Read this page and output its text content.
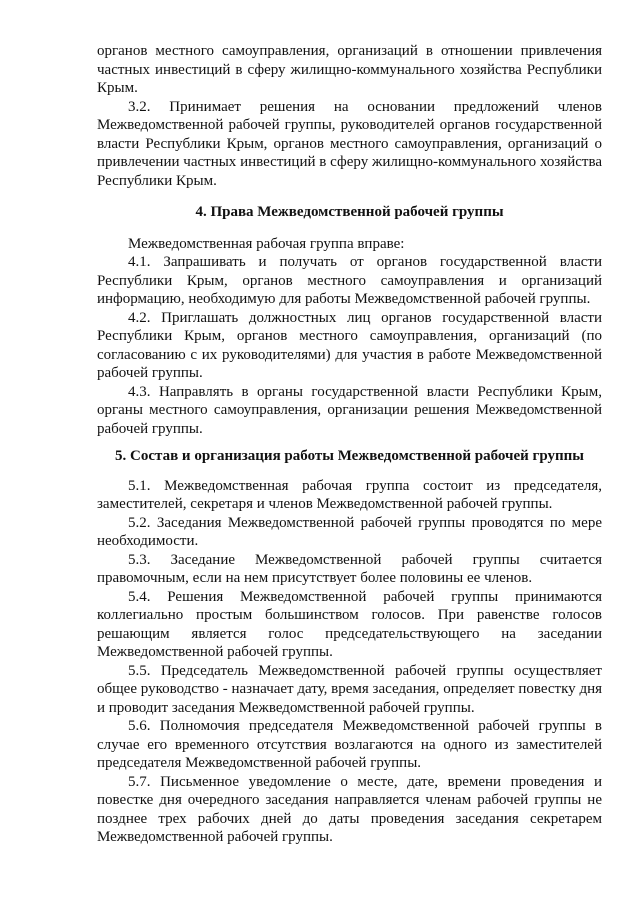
органов местного самоуправления, организаций в отношении привлечения частных инвестиций в сферу жилищно-коммунального хозяйства Республики Крым.

3.2. Принимает решения на основании предложений членов Межведомственной рабочей группы, руководителей органов государственной власти Республики Крым, органов местного самоуправления, организаций о привлечении частных инвестиций в сферу жилищно-коммунального хозяйства Республики Крым.

4. Права Межведомственной рабочей группы

Межведомственная рабочая группа вправе:

4.1. Запрашивать и получать от органов государственной власти Республики Крым, органов местного самоуправления и организаций информацию, необходимую для работы Межведомственной рабочей группы.

4.2. Приглашать должностных лиц органов государственной власти Республики Крым, органов местного самоуправления, организаций (по согласованию с их руководителями) для участия в работе Межведомственной рабочей группы.

4.3. Направлять в органы государственной власти Республики Крым, органы местного самоуправления, организации решения Межведомственной рабочей группы.

5. Состав и организация работы Межведомственной рабочей группы

5.1. Межведомственная рабочая группа состоит из председателя, заместителей, секретаря и членов Межведомственной рабочей группы.

5.2. Заседания Межведомственной рабочей группы проводятся по мере необходимости.

5.3. Заседание Межведомственной рабочей группы считается правомочным, если на нем присутствует более половины ее членов.

5.4. Решения Межведомственной рабочей группы принимаются коллегиально простым большинством голосов. При равенстве голосов решающим является голос председательствующего на заседании Межведомственной рабочей группы.

5.5. Председатель Межведомственной рабочей группы осуществляет общее руководство - назначает дату, время заседания, определяет повестку дня и проводит заседания Межведомственной рабочей группы.

5.6. Полномочия председателя Межведомственной рабочей группы в случае его временного отсутствия возлагаются на одного из заместителей председателя Межведомственной рабочей группы.

5.7. Письменное уведомление о месте, дате, времени проведения и повестке дня очередного заседания направляется членам рабочей группы не позднее трех рабочих дней до даты проведения заседания секретарем Межведомственной рабочей группы.
